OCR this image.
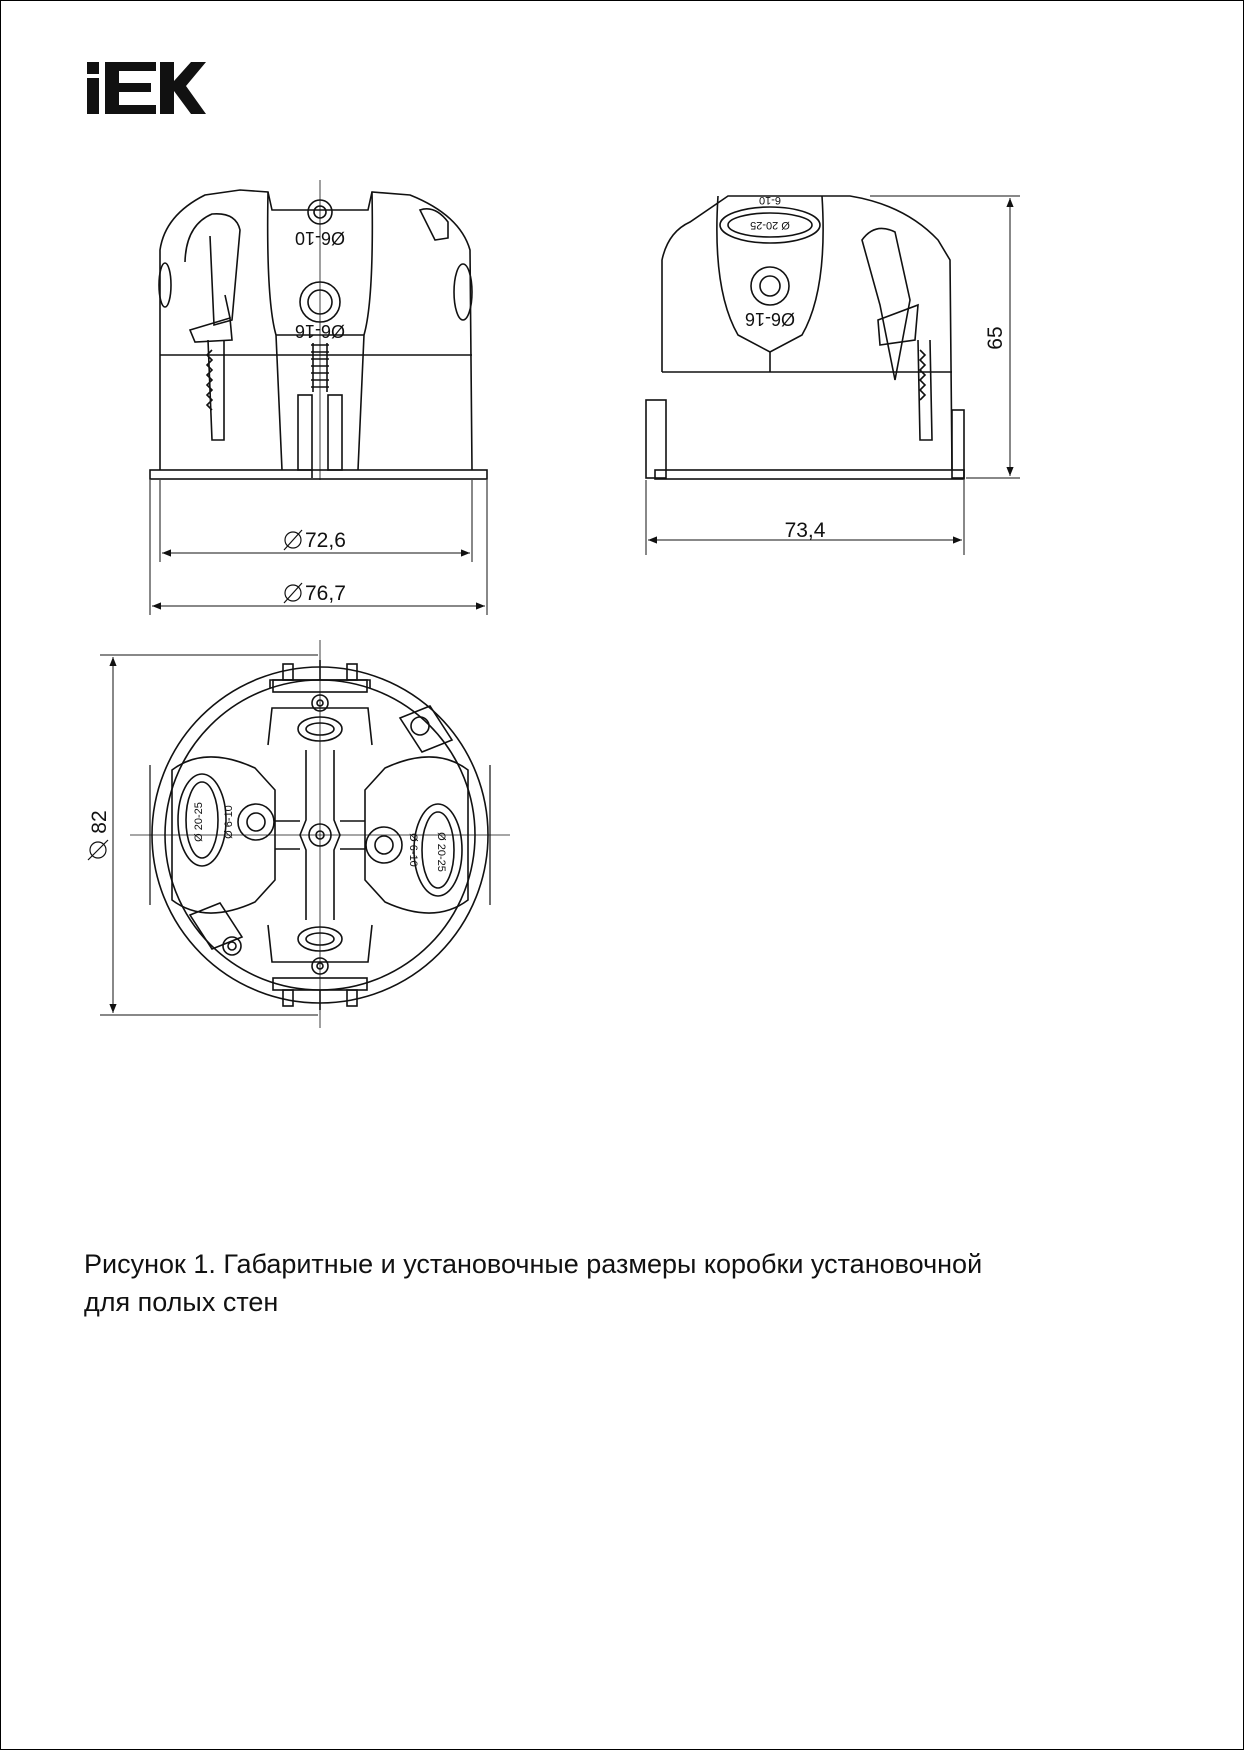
Ø6-10
Ø6-16
72,6
76,7
Ø 20-25
6-10
Ø6-16
73,4
65
Ø 20-25 Ø 6-10
Ø 20-25
Ø 6-10
82
Рисунок 1. Габаритные и установочные размеры коробки установочной
для полых стен
